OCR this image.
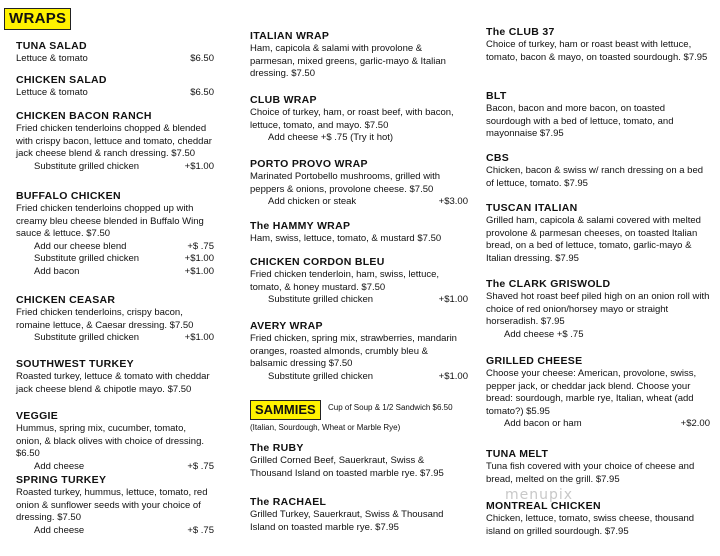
WRAPS
TUNA SALAD
Lettuce & tomato	$6.50
CHICKEN SALAD
Lettuce & tomato	$6.50
CHICKEN BACON RANCH
Fried chicken tenderloins chopped & blended with crispy bacon, lettuce and tomato, cheddar jack cheese blend & ranch dressing. $7.50
Substitute grilled chicken	+$1.00
BUFFALO CHICKEN
Fried chicken tenderloins chopped up with creamy bleu cheese blended in Buffalo Wing sauce & lettuce. $7.50
Add our cheese blend	+$ .75
Substitute grilled chicken	+$1.00
Add bacon	+$1.00
CHICKEN CEASAR
Fried chicken tenderloins, crispy bacon, romaine lettuce, & Caesar dressing. $7.50
Substitute grilled chicken	+$1.00
SOUTHWEST TURKEY
Roasted turkey, lettuce & tomato with cheddar jack cheese blend & chipotle mayo. $7.50
VEGGIE
Hummus, spring mix, cucumber, tomato, onion, & black olives with choice of dressing. $6.50
Add cheese	+$ .75
SPRING TURKEY
Roasted turkey, hummus, lettuce, tomato, red onion & sunflower seeds with your choice of dressing. $7.50
Add cheese	+$ .75
ITALIAN WRAP
Ham, capicola & salami with provolone & parmesan, mixed greens, garlic-mayo & Italian dressing. $7.50
CLUB WRAP
Choice of turkey, ham, or roast beef, with bacon, lettuce, tomato, and mayo. $7.50
Add cheese +$ .75 (Try it hot)
PORTO PROVO WRAP
Marinated Portobello mushrooms, grilled with peppers & onions, provolone cheese. $7.50
Add chicken or steak	+$3.00
The HAMMY WRAP
Ham, swiss, lettuce, tomato, & mustard $7.50
CHICKEN CORDON BLEU
Fried chicken tenderloin, ham, swiss, lettuce, tomato, & honey mustard. $7.50
Substitute grilled chicken	+$1.00
AVERY WRAP
Fried chicken, spring mix, strawberries, mandarin oranges, roasted almonds, crumbly bleu & balsamic dressing $7.50
Substitute grilled chicken	+$1.00
SAMMIES	Cup of Soup & 1/2 Sandwich $6.50
(Italian, Sourdough, Wheat or Marble Rye)
The RUBY
Grilled Corned Beef, Sauerkraut, Swiss & Thousand Island on toasted marble rye. $7.95
The RACHAEL
Grilled Turkey, Sauerkraut, Swiss & Thousand Island on toasted marble rye. $7.95
The CLUB 37
Choice of turkey, ham or roast beast with lettuce, tomato, bacon & mayo, on toasted sourdough. $7.95
BLT
Bacon, bacon and more bacon, on toasted sourdough with a bed of lettuce, tomato, and mayonnaise $7.95
CBS
Chicken, bacon & swiss w/ ranch dressing on a bed of lettuce, tomato. $7.95
TUSCAN ITALIAN
Grilled ham, capicola & salami covered with melted provolone & parmesan cheeses, on toasted Italian bread, on a bed of lettuce, tomato, garlic-mayo & Italian dressing. $7.95
The CLARK GRISWOLD
Shaved hot roast beef piled high on an onion roll with choice of red onion/horsey mayo or straight horseradish. $7.95
Add cheese +$ .75
GRILLED CHEESE
Choose your cheese: American, provolone, swiss, pepper jack, or cheddar jack blend. Choose your bread: sourdough, marble rye, Italian, wheat (add tomato?) $5.95
Add bacon or ham	+$2.00
TUNA MELT
Tuna fish covered with your choice of cheese and bread, melted on the grill. $7.95
MONTREAL CHICKEN
Chicken, lettuce, tomato, swiss cheese, thousand island on grilled sourdough. $7.95
menupix
